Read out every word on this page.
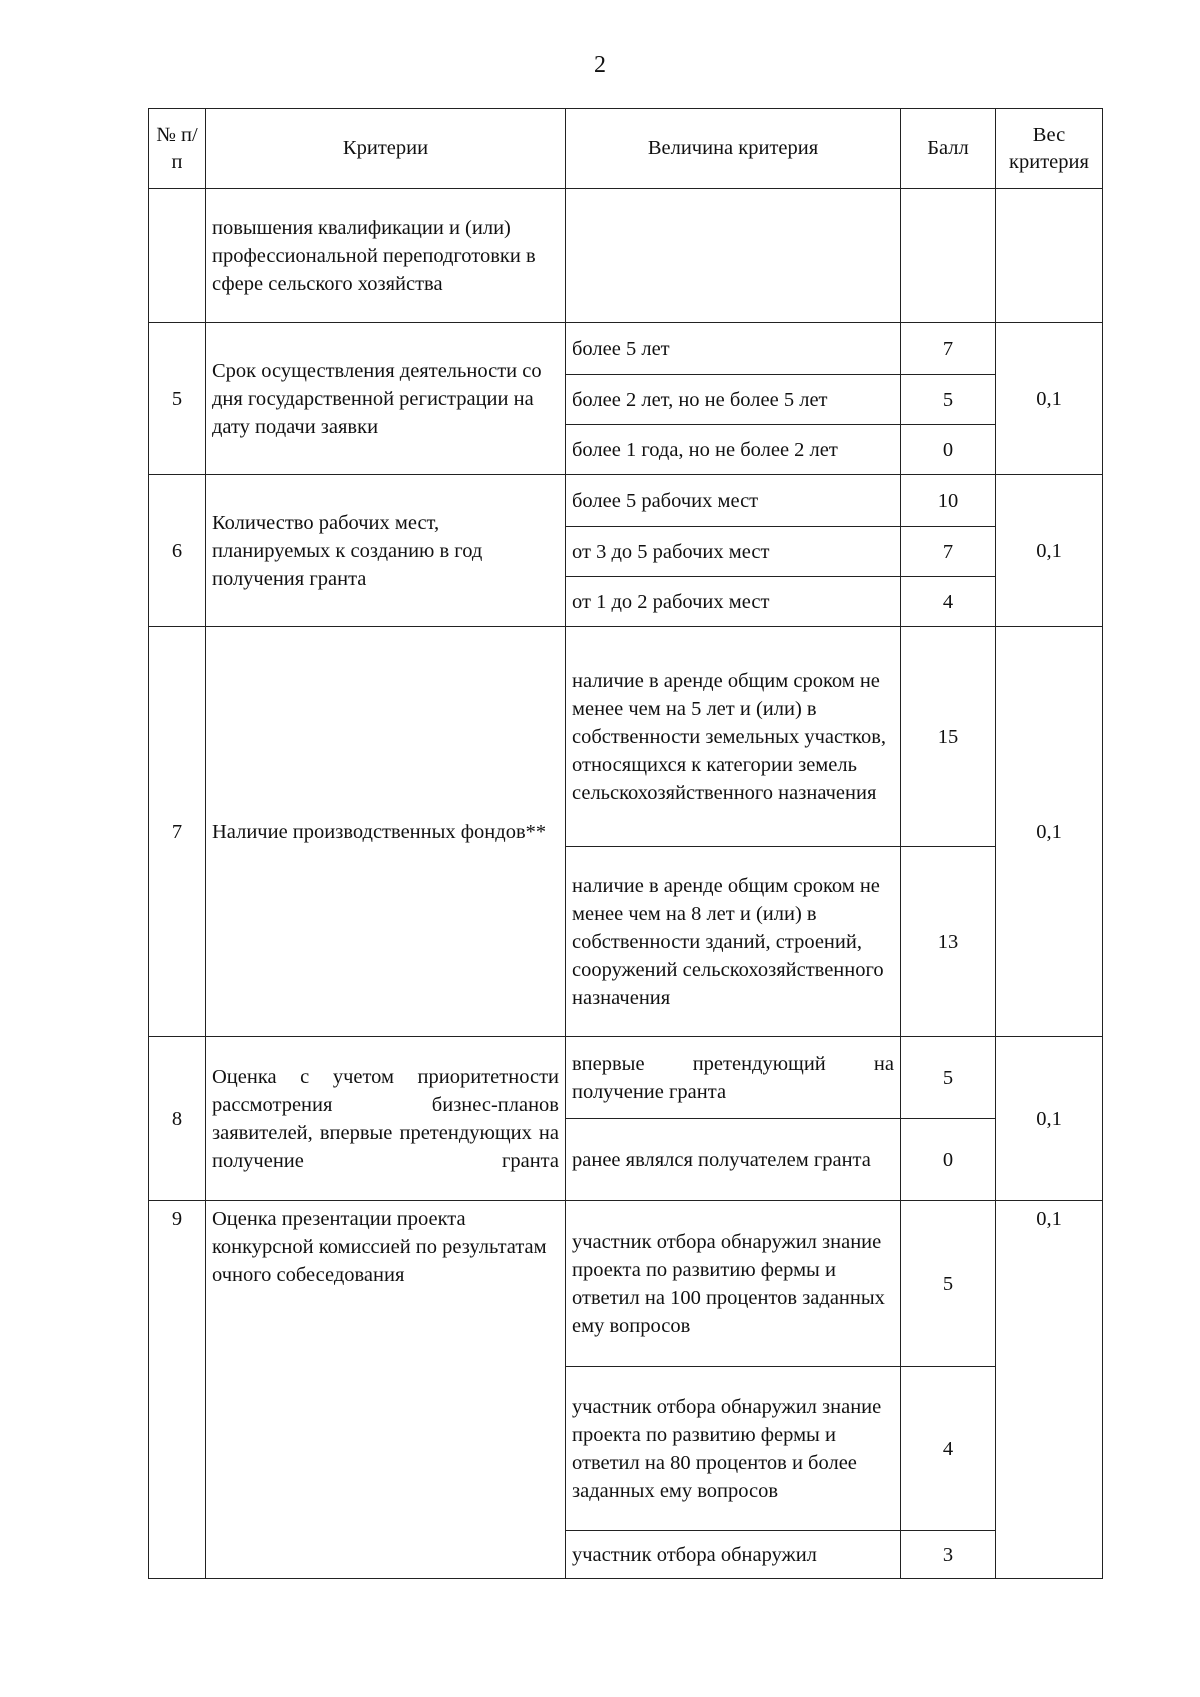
2
№ п/п	Критерии	Величина критерия	Балл	Вес критерия
	повышения квалификации и (или) профессиональной переподготовки в сфере сельского хозяйства			
5	Срок осуществления деятельности со дня государственной регистрации на дату подачи заявки	более 5 лет	7	0,1
		более 2 лет, но не более 5 лет	5	
		более 1 года, но не более 2 лет	0	
6	Количество рабочих мест, планируемых к созданию в год получения гранта	более 5 рабочих мест	10	0,1
		от 3 до 5 рабочих мест	7	
		от 1 до 2 рабочих мест	4	
7	Наличие производственных фондов**	наличие в аренде общим сроком не менее чем на 5 лет и (или) в собственности земельных участков, относящихся к категории земель сельскохозяйственного назначения	15	0,1
		наличие в аренде общим сроком не менее чем на 8 лет и (или) в собственности зданий, строений, сооружений сельскохозяйственного назначения	13	
8	Оценка с учетом приоритетности рассмотрения бизнес-планов заявителей, впервые претендующих на получение гранта	впервые претендующий на получение гранта	5	0,1
		ранее являлся получателем гранта	0	
9	Оценка презентации проекта конкурсной комиссией по результатам очного собеседования	участник отбора обнаружил знание проекта по развитию фермы и ответил на 100 процентов заданных ему вопросов	5	0,1
		участник отбора обнаружил знание проекта по развитию фермы и ответил на 80 процентов и более заданных ему вопросов	4	
		участник отбора обнаружил	3	
